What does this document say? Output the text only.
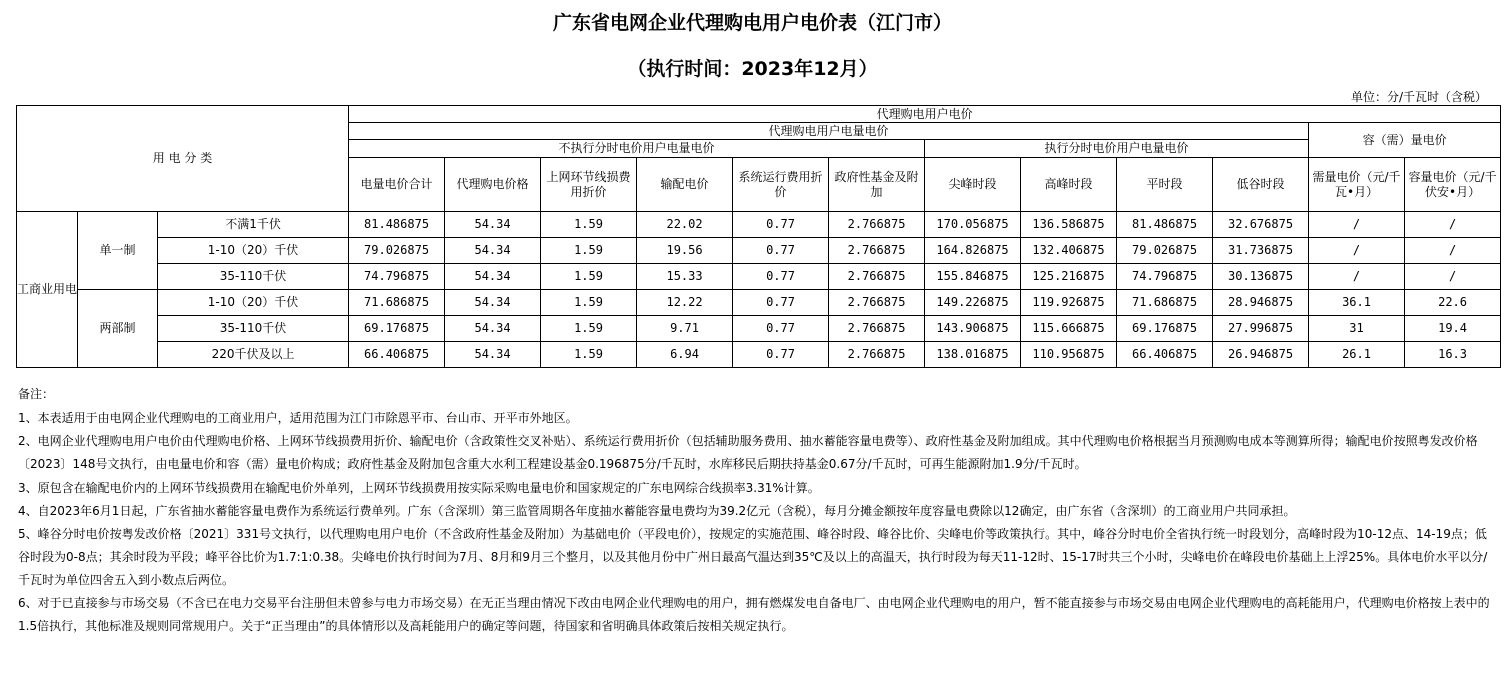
广东省电网企业代理购电用户电价表（江门市）
（执行时间：2023年12月）
单位：分/千瓦时（含税）
用 电 分 类			代理购电用户电价											
			代理购电用户电量电价										容（需）量电价	
			不执行分时电价用户电量电价						执行分时电价用户电量电价					
			电量电价合计	代理购电价格	上网环节线损费用折价	输配电价	系统运行费用折价	政府性基金及附加	尖峰时段	高峰时段	平时段	低谷时段	需量电价（元/千瓦•月）	容量电价（元/千伏安•月）
工商业用电	单一制	不满1千伏	81.486875	54.34	1.59	22.02	0.77	2.766875	170.056875	136.586875	81.486875	32.676875	/	/
		1-10（20）千伏	79.026875	54.34	1.59	19.56	0.77	2.766875	164.826875	132.406875	79.026875	31.736875	/	/
		35-110千伏	74.796875	54.34	1.59	15.33	0.77	2.766875	155.846875	125.216875	74.796875	30.136875	/	/
	两部制	1-10（20）千伏	71.686875	54.34	1.59	12.22	0.77	2.766875	149.226875	119.926875	71.686875	28.946875	36.1	22.6
		35-110千伏	69.176875	54.34	1.59	9.71	0.77	2.766875	143.906875	115.666875	69.176875	27.996875	31	19.4
		220千伏及以上	66.406875	54.34	1.59	6.94	0.77	2.766875	138.016875	110.956875	66.406875	26.946875	26.1	16.3

备注：

1、本表适用于由电网企业代理购电的工商业用户，适用范围为江门市除恩平市、台山市、开平市外地区。

2、电网企业代理购电用户电价由代理购电价格、上网环节线损费用折价、输配电价（含政策性交叉补贴）、系统运行费用折价（包括辅助服务费用、抽水蓄能容量电费等）、政府性基金及附加组成。其中代理购电价格根据当月预测购电成本等测算所得；输配电价按照粤发改价格〔2023〕148号文执行，由电量电价和容（需）量电价构成；政府性基金及附加包含重大水利工程建设基金0.196875分/千瓦时，水库移民后期扶持基金0.67分/千瓦时，可再生能源附加1.9分/千瓦时。

3、原包含在输配电价内的上网环节线损费用在输配电价外单列，上网环节线损费用按实际采购电量电价和国家规定的广东电网综合线损率3.31%计算。

4、自2023年6月1日起，广东省抽水蓄能容量电费作为系统运行费单列。广东（含深圳）第三监管周期各年度抽水蓄能容量电费均为39.2亿元（含税），每月分摊金额按年度容量电费除以12确定，由广东省（含深圳）的工商业用户共同承担。

5、峰谷分时电价按粤发改价格〔2021〕331号文执行，以代理购电用户电价（不含政府性基金及附加）为基础电价（平段电价），按规定的实施范围、峰谷时段、峰谷比价、尖峰电价等政策执行。其中，峰谷分时电价全省执行统一时段划分，高峰时段为10-12点、14-19点；低谷时段为0-8点；其余时段为平段；峰平谷比价为1.7:1:0.38。尖峰电价执行时间为7月、8月和9月三个整月，以及其他月份中广州日最高气温达到35℃及以上的高温天，执行时段为每天11-12时、15-17时共三个小时，尖峰电价在峰段电价基础上上浮25%。具体电价水平以分/千瓦时为单位四舍五入到小数点后两位。

6、对于已直接参与市场交易（不含已在电力交易平台注册但未曾参与电力市场交易）在无正当理由情况下改由电网企业代理购电的用户，拥有燃煤发电自备电厂、由电网企业代理购电的用户，暂不能直接参与市场交易由电网企业代理购电的高耗能用户，代理购电价格按上表中的1.5倍执行，其他标准及规则同常规用户。关于“正当理由”的具体情形以及高耗能用户的确定等问题，待国家和省明确具体政策后按相关规定执行。
